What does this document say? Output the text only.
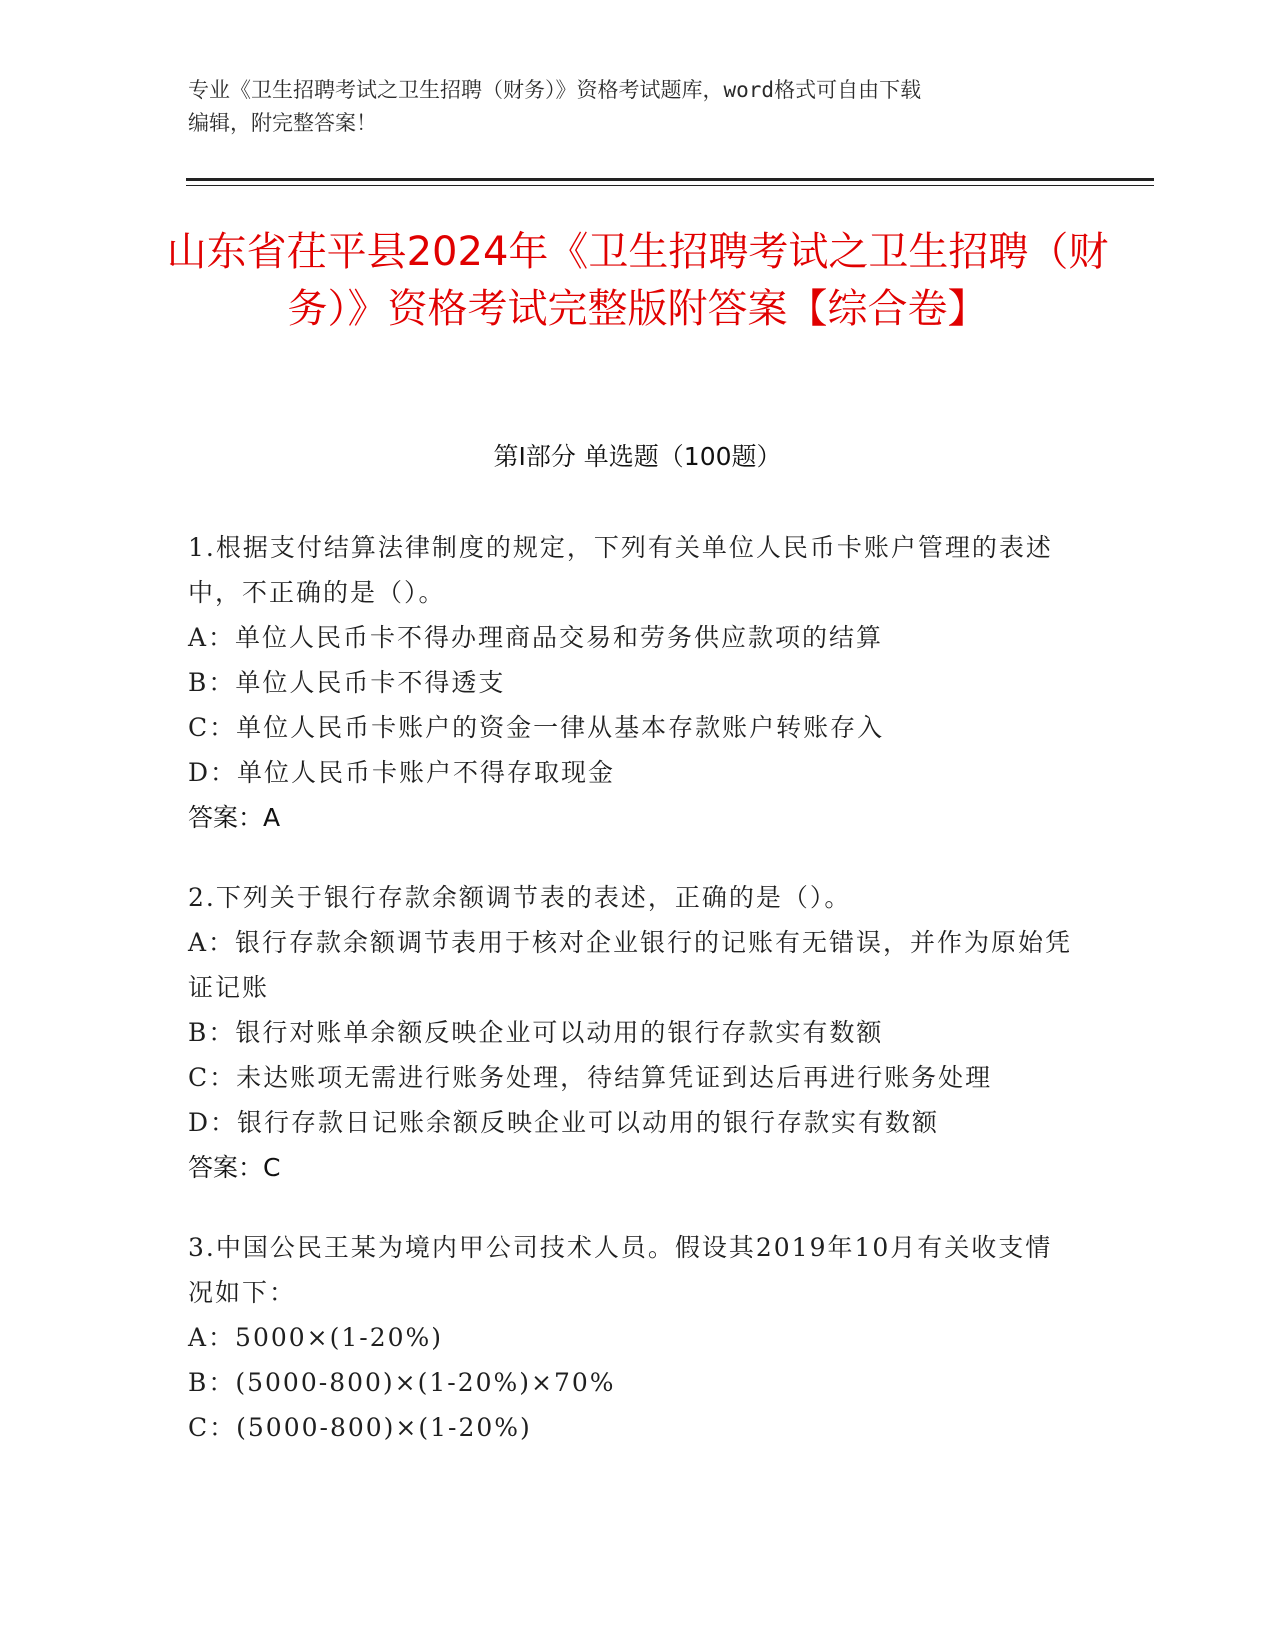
专业《卫生招聘考试之卫生招聘（财务）》资格考试题库，word格式可自由下载
编辑，附完整答案！
山东省茌平县2024年《卫生招聘考试之卫生招聘（财务）》资格考试完整版附答案【综合卷】
第Ⅰ部分 单选题（100题）
1.根据支付结算法律制度的规定，下列有关单位人民币卡账户管理的表述中，不正确的是（）。
A：单位人民币卡不得办理商品交易和劳务供应款项的结算
B：单位人民币卡不得透支
C：单位人民币卡账户的资金一律从基本存款账户转账存入
D：单位人民币卡账户不得存取现金
答案：A
2.下列关于银行存款余额调节表的表述，正确的是（）。
A：银行存款余额调节表用于核对企业银行的记账有无错误，并作为原始凭证记账
B：银行对账单余额反映企业可以动用的银行存款实有数额
C：未达账项无需进行账务处理，待结算凭证到达后再进行账务处理
D：银行存款日记账余额反映企业可以动用的银行存款实有数额
答案：C
3.中国公民王某为境内甲公司技术人员。假设其2019年10月有关收支情况如下：
A：5000×(1-20%)
B：(5000-800)×(1-20%)×70%
C：(5000-800)×(1-20%)
